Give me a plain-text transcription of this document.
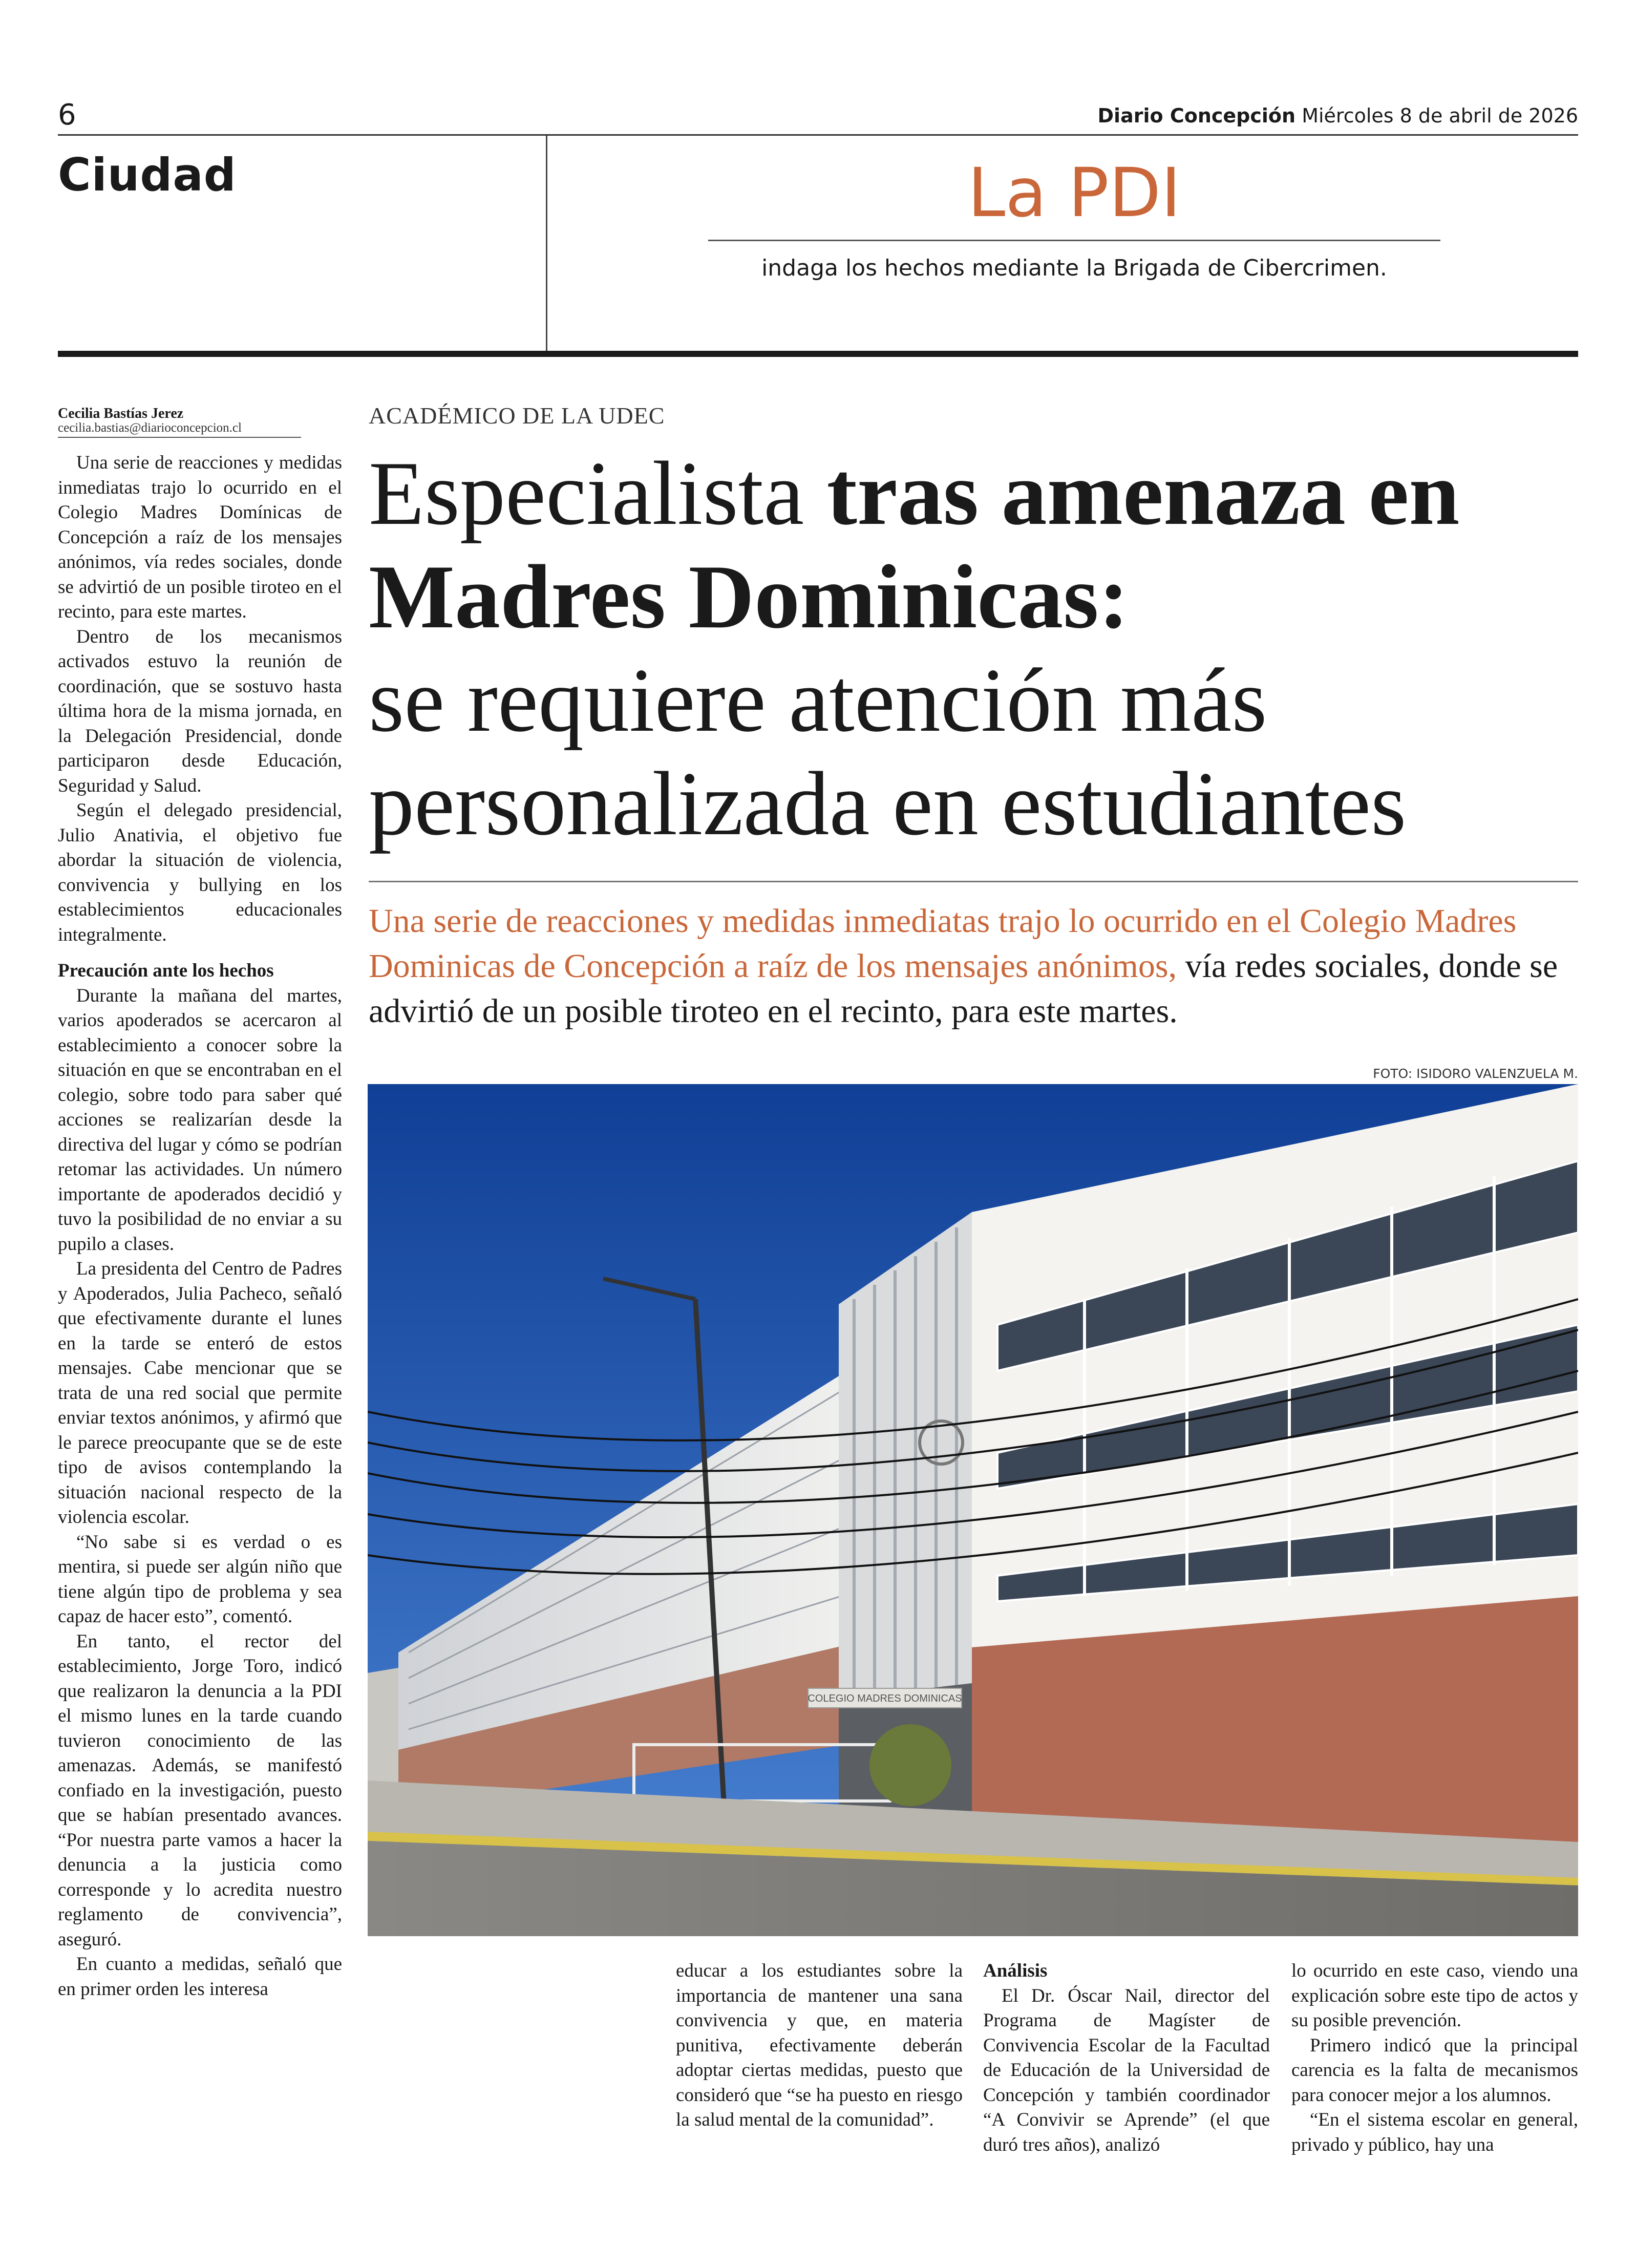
6	Diario Concepción Miércoles 8 de abril de 2026
Ciudad	La PDI
indaga los hechos mediante la Brigada de Cibercrimen.
Cecilia Bastías Jerez
cecilia.bastias@diarioconcepcion.cl

Una serie de reacciones y medidas inmediatas trajo lo ocurrido en el Colegio Madres Domínicas de Concepción a raíz de los mensajes anónimos, vía redes sociales, donde se advirtió de un posible tiroteo en el recinto, para este martes.

Dentro de los mecanismos activados estuvo la reunión de coordinación, que se sostuvo hasta última hora de la misma jornada, en la Delegación Presidencial, donde participaron desde Educación, Seguridad y Salud.

Según el delegado presidencial, Julio Anativia, el objetivo fue abordar la situación de violencia, convivencia y bullying en los establecimientos educacionales integralmente.

Precaución ante los hechos

Durante la mañana del martes, varios apoderados se acercaron al establecimiento a conocer sobre la situación en que se encontraban en el colegio, sobre todo para saber qué acciones se realizarían desde la directiva del lugar y cómo se podrían retomar las actividades. Un número importante de apoderados decidió y tuvo la posibilidad de no enviar a su pupilo a clases.

La presidenta del Centro de Padres y Apoderados, Julia Pacheco, señaló que efectivamente durante el lunes en la tarde se enteró de estos mensajes. Cabe mencionar que se trata de una red social que permite enviar textos anónimos, y afirmó que le parece preocupante que se de este tipo de avisos contemplando la situación nacional respecto de la violencia escolar.

“No sabe si es verdad o es mentira, si puede ser algún niño que tiene algún tipo de problema y sea capaz de hacer esto”, comentó.

En tanto, el rector del establecimiento, Jorge Toro, indicó que realizaron la denuncia a la PDI el mismo lunes en la tarde cuando tuvieron conocimiento de las amenazas. Además, se manifestó confiado en la investigación, puesto que se habían presentado avances. “Por nuestra parte vamos a hacer la denuncia a la justicia como corresponde y lo acredita nuestro reglamento de convivencia”, aseguró.

En cuanto a medidas, señaló que en primer orden les interesa

ACADÉMICO DE LA UDEC
Especialista tras amenaza en Madres Dominicas:
se requiere atención más personalizada en estudiantes
Una serie de reacciones y medidas inmediatas trajo lo ocurrido en el Colegio Madres Dominicas de Concepción a raíz de los mensajes anónimos, vía redes sociales, donde se advirtió de un posible tiroteo en el recinto, para este martes.
FOTO: ISIDORO VALENZUELA M.
COLEGIO MADRES DOMINICAS

educar a los estudiantes sobre la importancia de mantener una sana convivencia y que, en materia punitiva, efectivamente deberán adoptar ciertas medidas, puesto que consideró que “se ha puesto en riesgo la salud mental de la comunidad”.

Análisis

El Dr. Óscar Nail, director del Programa de Magíster de Convivencia Escolar de la Facultad de Educación de la Universidad de Concepción y también coordinador “A Convivir se Aprende” (el que duró tres años), analizó

lo ocurrido en este caso, viendo una explicación sobre este tipo de actos y su posible prevención.

Primero indicó que la principal carencia es la falta de mecanismos para conocer mejor a los alumnos.

“En el sistema escolar en general, privado y público, hay una
